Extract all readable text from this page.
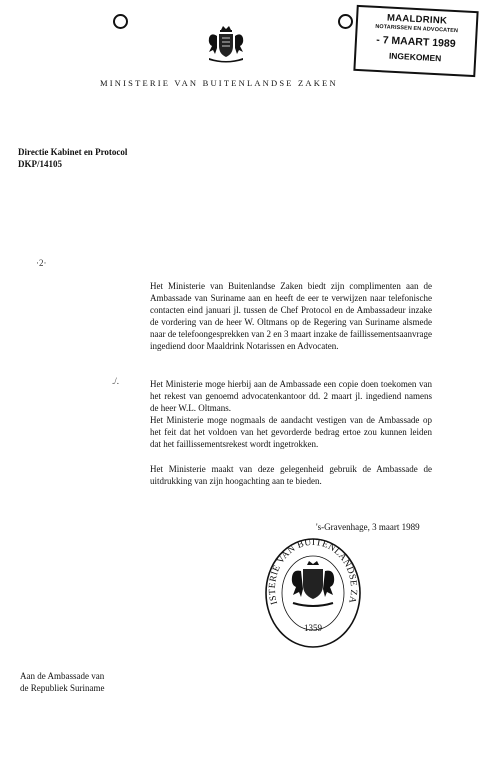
MINISTERIE VAN BUITENLANDSE ZAKEN
MAALDRINK
NOTARISSEN EN ADVOCATEN
- 7 MAART 1989
INGEKOMEN
Directie Kabinet en Protocol
DKP/14105
·2·
Het Ministerie van Buitenlandse Zaken biedt zijn complimenten aan de Ambassade van Suriname aan en heeft de eer te verwijzen naar telefonische contacten eind januari jl. tussen de Chef Protocol en de Ambassadeur inzake de vordering van de heer W. Oltmans op de Regering van Suriname alsmede naar de telefoongesprekken van 2 en 3 maart inzake de faillissementsaanvrage ingediend door Maaldrink Notarissen en Advocaten.
./.	Het Ministerie moge hierbij aan de Ambassade een copie doen toekomen van het rekest van genoemd advocatenkantoor dd. 2 maart jl. ingediend namens de heer W.L. Oltmans.
Het Ministerie moge nogmaals de aandacht vestigen van de Ambassade op het feit dat het voldoen van het gevorderde bedrag ertoe zou kunnen leiden dat het faillissementsrekest wordt ingetrokken.
Het Ministerie maakt van deze gelegenheid gebruik de Ambassade de uitdrukking van zijn hoogachting aan te bieden.
's-Gravenhage, 3 maart 1989
ISTERIE VAN BUITENLANDSE ZA
1359
Aan de Ambassade van
de Republiek Suriname
